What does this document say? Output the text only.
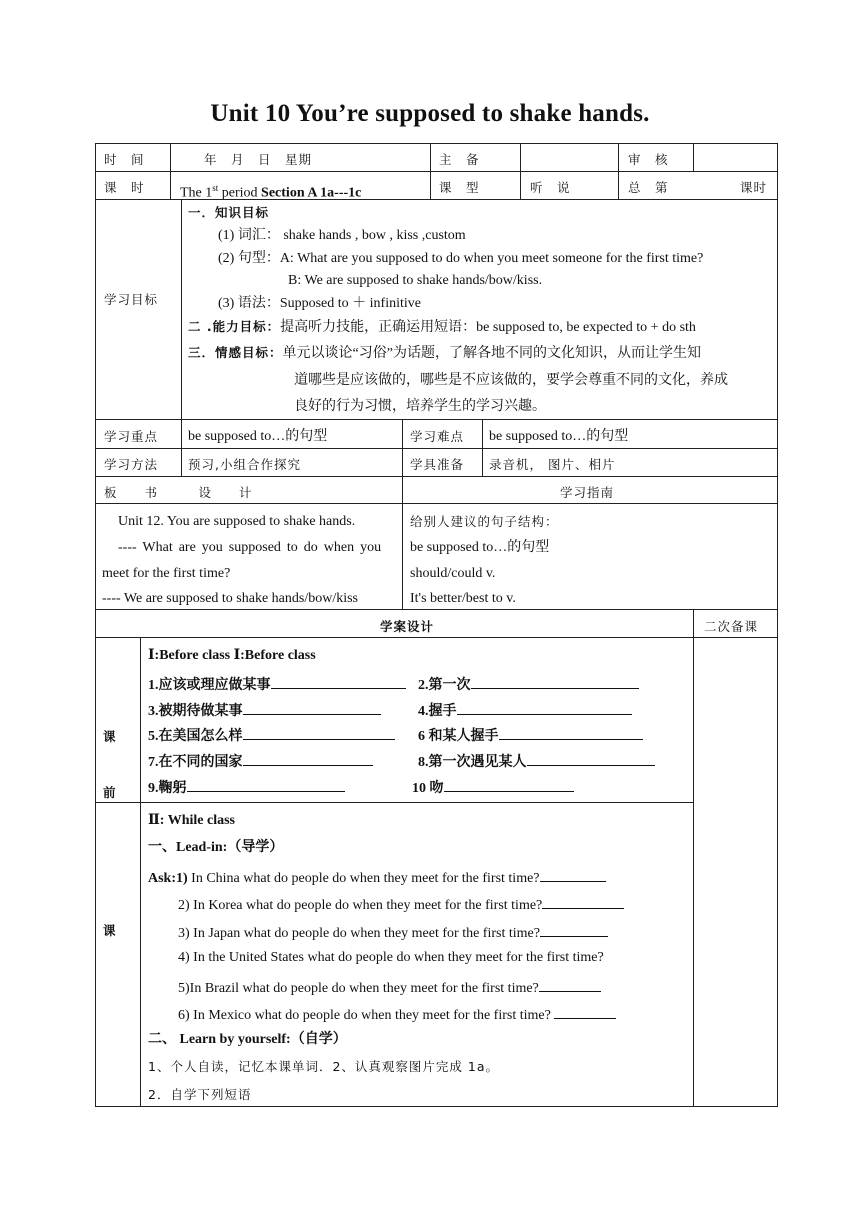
Unit 10 You’re supposed to shake hands.
时　间	年　月　日　星期	主　备	审　核
课　时	The 1st period Section A 1a---1c	课　型	听　说	总　第	课时
学习目标
一．知识目标
(1) 词汇： shake hands , bow , kiss ,custom
(2) 句型：A: What are you supposed to do when you meet someone for the first time?
B: We are supposed to shake hands/bow/kiss.
(3) 语法：Supposed to ＋ infinitive
二 .能力目标：提高听力技能，正确运用短语：be supposed to, be expected to + do sth
三．情感目标：单元以谈论“习俗”为话题，了解各地不同的文化知识，从而让学生知
道哪些是应该做的，哪些是不应该做的，要学会尊重不同的文化，养成
良好的行为习惯，培养学生的学习兴趣。
学习重点 be supposed to…的句型	学习难点 be supposed to…的句型
学习方法 预习,小组合作探究	学具准备 录音机， 图片、相片
板　　书　　　设　　计	学习指南
Unit 12. You are supposed to shake hands.
---- What are you supposed to do when you
meet for the first time?
---- We are supposed to shake hands/bow/kiss
给别人建议的句子结构：
be supposed to…的句型
should/could v.
It's better/best to v.
学案设计	二次备课
课
前
Ⅰ:Before class Ⅰ:Before class
1.应该或理应做某事	2.第一次
3.被期待做某事	4.握手
5.在美国怎么样	6 和某人握手
7.在不同的国家	8.第一次遇见某人
9.鞠躬	10 吻
课
Ⅱ: While class
一、Lead-in:（导学）
Ask:1) In China what do people do when they meet for the first time?
2) In Korea what do people do when they meet for the first time?
3) In Japan what do people do when they meet for the first time?
4) In the United States what do people do when they meet for the first time?
5)In Brazil what do people do when they meet for the first time?
6) In Mexico what do people do when they meet for the first time?
二、 Learn by yourself:（自学）
1、个人自读，记忆本课单词．2、认真观察图片完成 1a。
2．自学下列短语
